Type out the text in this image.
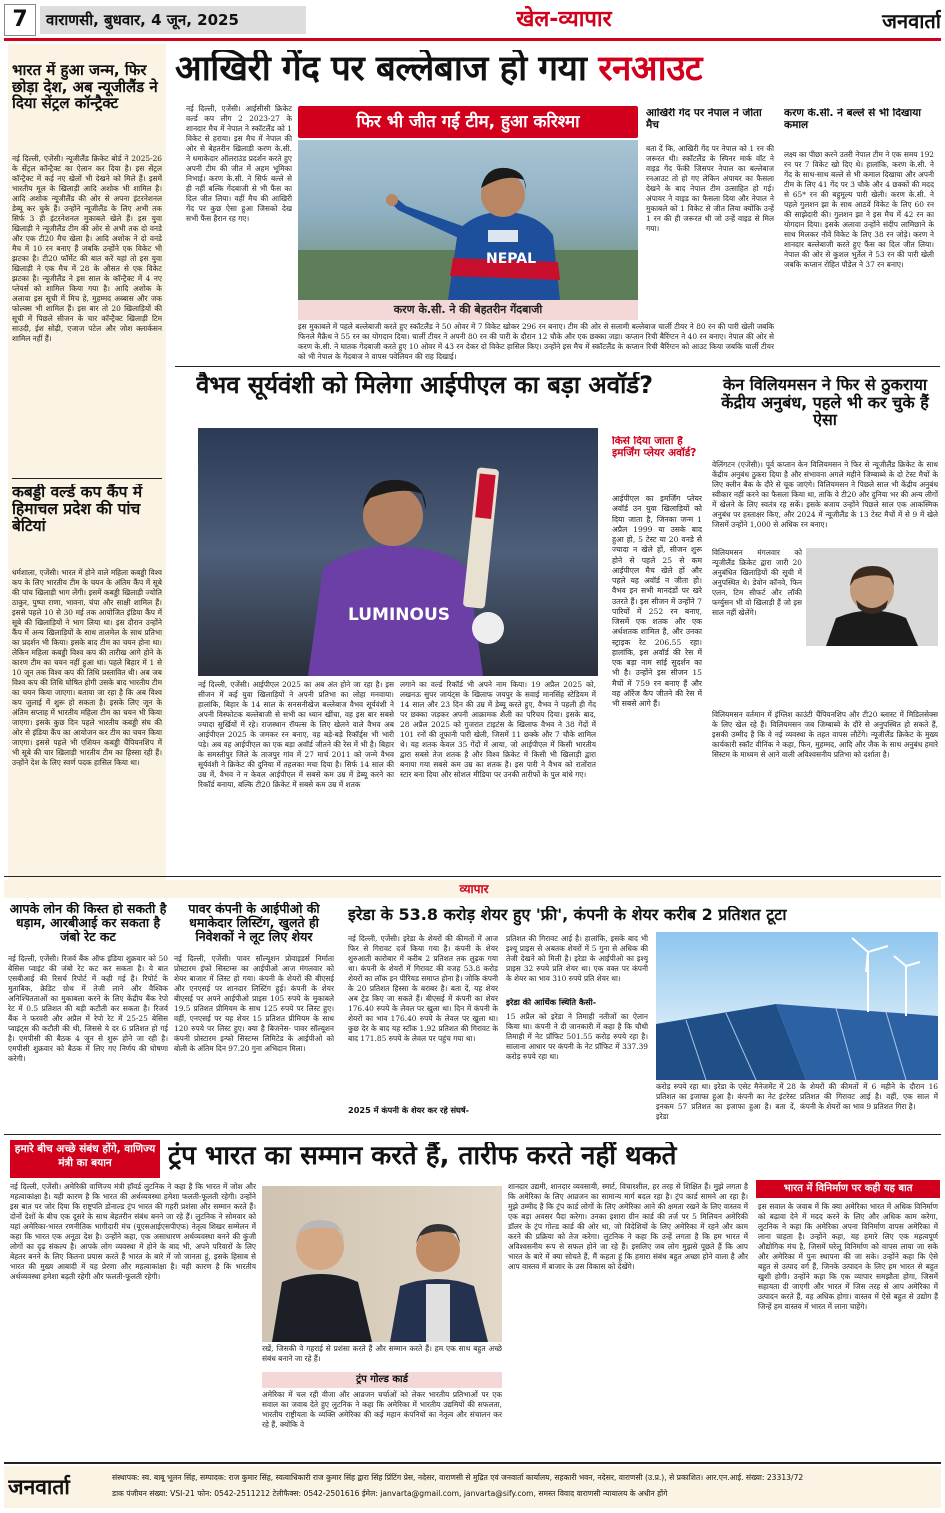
7	वाराणसी, बुधवार, 4 जून, 2025	खेल-व्यापार	जनवार्ता
भारत में हुआ जन्म, फिर छोड़ा देश, अब न्यूजीलैंड ने दिया सेंट्रल कॉन्ट्रैक्ट
नई दिल्ली, एजेंसी। न्यूजीलैंड क्रिकेट बोर्ड ने 2025-26 के सेंट्रल कॉन्ट्रैक्ट का ऐलान कर दिया है। इस सेंट्रल कॉन्ट्रैक्ट में कई नए खेलों भी देखने को मिले हैं। इसमें भारतीय मूल के खिलाड़ी आदि अशोक भी शामिल है। आदि अशोक न्यूजीलैंड की ओर से अपना इंटरनेशनल डेब्यू कर चुके हैं। उन्होंने न्यूजीलैंड के लिए अभी तक सिर्फ 3 ही इंटरनेशनल मुकाबले खेले हैं। इस युवा खिलाड़ी ने न्यूजीलैंड टीम की ओर से अभी तक दो वनडे और एक टी20 मैच खेला है। आदि अशोक ने दो वनडे मैच में 10 रन बनाए हैं जबकि उन्होंने एक विकेट भी झटका है। टी20 फॉर्मेट की बात करें यहां तो इस युवा खिलाड़ी ने एक मैच में 28 के औसत से एक विकेट झटका है। न्यूजीलैंड ने इस साल के कॉन्ट्रैक्ट में 4 नए प्लेयर्स को शामिल किया गया है। आदि अशोक के अलावा इस सूची में मिच हे, मुहम्मद अब्बास और जक फोल्क्स भी शामिल हैं। इस बार तो 20 खिलाड़ियों की सूची में पिछले सीजन के चार कॉन्ट्रैक्ट खिलाड़ी टिम साउदी, ईश सोढ़ी, एजाज पटेल और जोश क्लार्कसन शामिल नहीं हैं।
कबड्डी वर्ल्ड कप कैंप में हिमाचल प्रदेश की पांच बेटियां
धर्मशाला, एजेंसी। भारत में होने वाले महिला कबड्डी विश्व कप के लिए भारतीय टीम के चयन के अंतिम कैंप में सूबे की पांच खिलाड़ी भाग लेंगी। इसमें कबड्डी खिलाड़ी ज्योति ठाकुर, पुष्पा राणा, भावना, चंपा और साक्षी शामिल हैं। इससे पहले 10 से 30 मई तक आयोजित इंडिया कैंप में सूबे की खिलाड़ियों ने भाग लिया था। इस दौरान उन्होंने कैंप में अन्य खिलाड़ियों के साथ तालमेल के साथ प्रतिभा का प्रदर्शन भी किया। इसके बाद टीम का चयन होना था। लेकिन महिला कबड्डी विश्व कप की तारीख आगे होने के कारण टीम का चयन नहीं हुआ था। पहले बिहार में 1 से 10 जून तक विश्व कप की तिथि प्रस्तावित थी। अब जब विश्व कप की तिथि घोषित होगी उसके बाद भारतीय टीम का चयन किया जाएगा। बताया जा रहा है कि अब विश्व कप जुलाई में शुरू हो सकता है। इसके लिए जून के अंतिम सप्ताह में भारतीय महिला टीम का चयन भी किया जाएगा। इसके कुछ दिन पहले भारतीय कबड्डी संघ की ओर से इंडिया कैंप का आयोजन कर टीम का चयन किया जाएगा। इससे पहले भी एशियन कबड्डी चैंपियनशिप में भी सूबे की चार खिलाड़ी भारतीय टीम का हिस्सा रही हैं। उन्होंने देश के लिए स्वर्ण पदक हासिल किया था।
आखिरी गेंद पर बल्लेबाज हो गया रनआउट
नई दिल्ली, एजेंसी। आईसीसी क्रिकेट वर्ल्ड कप लीग 2 2023-27 के शानदार मैच में नेपाल ने स्कॉटलैंड को 1 विकेट से हराया। इस मैच में नेपाल की ओर से बेहतरीन खिलाड़ी करण के.सी. ने धमाकेदार ऑलराउंड प्रदर्शन करते हुए अपनी टीम की जीत में अहम भूमिका निभाई। करण के.सी. ने सिर्फ बल्ले से ही नहीं बल्कि गेंदबाजी से भी फैंस का दिल जीत लिया। वहीं मैच की आखिरी गेंद पर कुछ ऐसा हुआ जिसको देख सभी फैंस हैरान रह गए।
फिर भी जीत गई टीम, हुआ करिश्मा
NEPAL
करण के.सी. ने की बेहतरीन गेंदबाजी
आखिरी गेंद पर नेपाल ने जीता मैच
बता दें कि, आखिरी गेंद पर नेपाल को 1 रन की जरूरत थी। स्कॉटलैंड के स्पिनर मार्क वॉट ने वाइड गेंद फेंकी जिसपर नेपाल का बल्लेबाज रनआउट तो हो गए लेकिन अंपायर का फैसला देखने के बाद नेपाल टीम उत्साहित हो गई। अंपायर ने वाइड का फैसला दिया और नेपाल ने मुकाबले को 1 विकेट से जीत लिया क्योंकि उन्हें 1 रन की ही जरूरत थी जो उन्हें वाइड से मिल गया।
करण के.सी. ने बल्ले से भी दिखाया कमाल
लक्ष्य का पीछा करने उतरी नेपाल टीम ने एक समय 192 रन पर 7 विकेट खो दिए थे। हालांकि, करण के.सी. ने गेंद के साथ-साथ बल्ले से भी कमाल दिखाया और अपनी टीम के लिए 41 गेंद पर 3 चौके और 4 छक्कों की मदद से 65* रन की बहुमूल्य पारी खेली। करण के.सी. ने पहले गुलशन झा के साथ आठवें विकेट के लिए 60 रन की साझेदारी की। गुलशन झा ने इस मैच में 42 रन का योगदान दिया। इसके अलावा उन्होंने संदीप लामिछाने के साथ मिलकर नौवें विकेट के लिए 38 रन जोड़े। करण ने शानदार बल्लेबाजी करते हुए फैंस का दिल जीत लिया। नेपाल की ओर से कुशल भुर्तेल ने 53 रन की पारी खेली जबकि कप्तान रोहित पौडेल ने 37 रन बनाए।
इस मुकाबले में पहले बल्लेबाजी करते हुए स्कॉटलैंड ने 50 ओवर में 7 विकेट खोकर 296 रन बनाए। टीम की ओर से सलामी बल्लेबाज चार्ली टीयर ने 80 रन की पारी खेली जबकि फिनले मैक्रैथ ने 55 रन का योगदान दिया। चार्ली टीयर ने अपनी 80 रन की पारी के दौरान 12 चौके और एक छक्का जड़ा। कप्तान रिची बैरिंग्टन ने 40 रन बनाए। नेपाल की ओर से करण के.सी. ने घातक गेंदबाजी करते हुए 10 ओवर में 43 रन देकर दो विकेट हासिल किए। उन्होंने इस मैच में स्कॉटलैंड के कप्तान रिची बैरिंग्टन को आउट किया जबकि चार्ली टीयर को भी नेपाल के गेंदबाज ने वापस पवेलियन की राह दिखाई।
वैभव सूर्यवंशी को मिलेगा आईपीएल का बड़ा अवॉर्ड?
LUMINOUS
नई दिल्ली, एजेंसी। आईपीएल 2025 का अब अंत होने जा रहा है। इस सीजन में कई युवा खिलाड़ियों ने अपनी प्रतिभा का लोहा मनवाया। हालांकि, बिहार के 14 साल के सनसनीखेज बल्लेबाज वैभव सूर्यवंशी ने अपनी विस्फोटक बल्लेबाजी से सभी का ध्यान खींचा, वह इस बार सबसे ज्यादा सुर्खियों में रहे। राजस्थान रॉयल्स के लिए खेलने वाले वैभव अब आईपीएल 2025 के जमकर रन बनाए, वह बड़े-बड़े रिकॉर्ड्स भी भारी पड़े। अब वह आईपीएल का एक बड़ा अवॉर्ड जीतने की रेस में भी है। बिहार के समस्तीपुर जिले के ताजपुर गांव में 27 मार्च 2011 को जन्मे वैभव सूर्यवंशी ने क्रिकेट की दुनिया में तहलका मचा दिया है। सिर्फ 14 साल की उम्र में, वैभव ने न केवल आईपीएल में सबसे कम उम्र में डेब्यू करने का रिकॉर्ड बनाया, बल्कि टी20 क्रिकेट में सबसे कम उम्र में शतक
लगाने का वर्ल्ड रिकॉर्ड भी अपने नाम किया। 19 अप्रैल 2025 को, लखनऊ सुपर जायंट्स के खिलाफ जयपुर के सवाई मानसिंह स्टेडियम में 14 साल और 23 दिन की उम्र में डेब्यू करते हुए, वैभव ने पहली ही गेंद पर छक्का जड़कर अपनी आक्रामक शैली का परिचय दिया। इसके बाद, 28 अप्रैल 2025 को गुजरात टाइटंस के खिलाफ वैभव ने 38 गेंदों में 101 रनों की तूफानी पारी खेली, जिसमें 11 छक्के और 7 चौके शामिल थे। यह शतक केवल 35 गेंदों में आया, जो आईपीएल में किसी भारतीय द्वारा सबसे तेज शतक है और विश्व क्रिकेट में किसी भी खिलाड़ी द्वारा बनाया गया सबसे कम उम्र का शतक है। इस पारी ने वैभव को रातोंरात स्टार बना दिया और सोशल मीडिया पर उनकी तारीफों के पुल बांधे गए।
किसे दिया जाता है इमर्जिंग प्लेयर अवॉर्ड?
आईपीएल का इमर्जिंग प्लेयर अवॉर्ड उन युवा खिलाड़ियों को दिया जाता है, जिनका जन्म 1 अप्रैल 1999 या उसके बाद हुआ हो, 5 टेस्ट या 20 वनडे से ज्यादा न खेले हों, सीजन शुरू होने से पहले 25 से कम आईपीएल मैच खेले हों और पहले यह अवॉर्ड न जीता हो। वैभव इन सभी मानदंडों पर खरे उतरते हैं। इस सीजन में उन्होंने 7 पारियों में 252 रन बनाए, जिसमें एक शतक और एक अर्धशतक शामिल है, और उनका स्ट्राइक रेट 206.55 रहा। हालांकि, इस अवॉर्ड की रेस में एक बड़ा नाम सांई सुदर्शन का भी है। उन्होंने इस सीजन 15 मैचों में 759 रन बनाए हैं और वह ऑरेंज कैप जीतने की रेस में भी सबसे आगे हैं।
केन विलियमसन ने फिर से ठुकराया केंद्रीय अनुबंध, पहले भी कर चुके हैं ऐसा
वेलिंगटन (एजेंसी)। पूर्व कप्तान केन विलियमसन ने फिर से न्यूजीलैंड क्रिकेट के साथ केंद्रीय अनुबंध ठुकरा दिया है और संभावना अगले महीने जिम्बाब्वे के दो टेस्ट मैचों के लिए क्लीन बैक के दौरे से चूक जाएंगे। विलियमसन ने पिछले साल भी केंद्रीय अनुबंध स्वीकार नहीं करने का फैसला किया था, ताकि वे टी20 और दुनिया भर की अन्य लीगों में खेलने के लिए स्वतंत्र रह सकें। इसके बजाय उन्होंने पिछले साल एक आकस्मिक अनुबंध पर हस्ताक्षर किए, और 2024 में न्यूजीलैंड के 13 टेस्ट मैचों में से 9 में खेले जिसमें उन्होंने 1,000 से अधिक रन बनाए।
विलियमसन मंगलवार को न्यूजीलैंड क्रिकेट द्वारा जारी 20 अनुबंधित खिलाड़ियों की सूची में अनुपस्थित थे। डेवोन कॉनवे, फिन एलन, टिम सीफर्ट और लॉकी फर्ग्युसन भी वो खिलाड़ी हैं जो इस साल नहीं खेलेंगे।
विलियमसन वर्तमान में इंग्लिश काउंटी चैंपियनशिप और टी20 ब्लास्ट में मिडिलसेक्स के लिए खेल रहे हैं। विलियमसन जब जिम्बाब्वे के दौरे से अनुपस्थित हो सकते हैं, इसकी उम्मीद है कि वे नई व्यवस्था के तहत वापस लौटेंगे। न्यूजीलैंड क्रिकेट के मुख्य कार्यकारी स्कॉट वीनिंक ने कहा, फिन, मुहम्मद, आदि और जैक के साथ अनुबंध हमारे सिस्टम के माध्यम से आने वाली अविश्वसनीय प्रतिभा को दर्शाता है।
व्यापार
आपके लोन की किस्त हो सकती है धड़ाम, आरबीआई कर सकता है जंबो रेट कट
नई दिल्ली, एजेंसी। रिजर्व बैंक ऑफ इंडिया शुक्रवार को 50 बेसिस प्वाइंट की जंबो रेट कट कर सकता है। ये बात एसबीआई की रिसर्च रिपोर्ट में कही गई है। रिपोर्ट के मुताबिक, क्रेडिट ग्रोथ में तेजी लाने और वैश्विक अनिश्चितताओं का मुकाबला करने के लिए केंद्रीय बैंक रेपो रेट में 0.5 प्रतिशत की बड़ी कटौती कर सकता है। रिजर्व बैंक ने फरवरी और अप्रैल में रेपो रेट में 25-25 बेसिस प्वाइंट्स की कटौती की थी, जिससे ये दर 6 प्रतिशत हो गई है। एमपीसी की बैठक 4 जून से शुरू होने जा रही है। एमपीसी शुक्रवार को बैठक में लिए गए निर्णय की घोषणा करेगी।
पावर कंपनी के आईपीओ की धमाकेदार लिस्टिंग, खुलते ही निवेशकों ने लूट लिए शेयर
नई दिल्ली, एजेंसी। पावर सॉल्यूशन प्रोवाइडर्स निर्माता प्रोस्टारम इंफो सिस्टम्स का आईपीओ आज मंगलवार को शेयर बाजार में लिस्ट हो गया। कंपनी के शेयरों की बीएसई और एनएसई पर शानदार लिस्टिंग हुई। कंपनी के शेयर बीएसई पर अपने आईपीओ प्राइस 105 रुपये के मुकाबले 19.5 प्रतिशत प्रीमियम के साथ 125 रुपये पर लिस्ट हुए। वहीं, एनएसई पर यह शेयर 15 प्रतिशत प्रीमियम के साथ 120 रुपये पर लिस्ट हुए। क्या है बिजनेस- पावर सॉल्यूशन कंपनी प्रोस्टारम इन्फो सिस्टम्स लिमिटेड के आईपीओ को बोली के अंतिम दिन 97.20 गुना अभिदान मिला।
इरेडा के 53.8 करोड़ शेयर हुए 'फ्री', कंपनी के शेयर करीब 2 प्रतिशत टूटा
नई दिल्ली, एजेंसी। इरेडा के शेयरों की कीमतों में आज फिर से गिरावट दर्ज किया गया है। कंपनी के शेयर शुरुआती कारोबार में करीब 2 प्रतिशत तक लुढ़क गया था। कंपनी के शेयरों में गिरावट की वजह 53.8 करोड़ शेयरों का लॉक इन पीरियड समाप्त होना है। जोकि कंपनी के 20 प्रतिशत हिस्सा के बराबर है। बता दें, यह शेयर अब ट्रेड किए जा सकते हैं। बीएसई में कंपनी का शेयर 176.40 रुपये के लेवल पर खुला था। दिन में कंपनी के शेयरों का भाव 176.40 रुपये के लेवल पर खुला था। कुछ देर के बाद यह स्टॉक 1.92 प्रतिशत की गिरावट के बाद 171.85 रुपये के लेवल पर पहुंच गया था।
2025 में कंपनी के शेयर कर रहे संघर्ष-
प्रतिशत की गिरावट आई है। हालांकि, इसके बाद भी इश्यू प्राइस से अबतक शेयरों में 5 गुना से अधिक की तेजी देखने को मिली है। इरेडा के आईपीओ का इश्यू प्राइस 32 रुपये प्रति शेयर था। एक वक्त पर कंपनी के शेयर का भाव 310 रुपये प्रति शेयर था।
इरेडा की आर्थिक स्थिति कैसी-
15 अप्रैल को इरेडा ने तिमाही नतीजों का ऐलान किया था। कंपनी ने दी जानकारी में कहा है कि चौथी तिमाही में नेट प्रॉफिट 501.55 करोड़ रुपये रहा है। सालाना आधार पर कंपनी के नेट प्रॉफिट में 337.39 करोड़ रुपये रहा था।
करोड़ रुपये रहा था। इरेडा के एसेट मैनेजमेंट में 28 प्रतिशत का इजाफा हुआ है। कंपनी का नेट इंटरेस्ट इनकम 57 प्रतिशत का इजाफा हुआ है। बता दें, इरेडा
के शेयरों की कीमतों में 6 महीने के दौरान 16 प्रतिशत की गिरावट आई है। वहीं, एक साल में कंपनी के शेयरों का भाव 9 प्रतिशत गिरा है।
हमारे बीच अच्छे संबंध होंगे, वाणिज्य मंत्री का बयान	ट्रंप भारत का सम्मान करते हैं, तारीफ करते नहीं थकते
नई दिल्ली, एजेंसी। अमेरिकी वाणिज्य मंत्री हॉवर्ड लुटनिक ने कहा है कि भारत में जोश और महत्वाकांक्षा है। यही कारण है कि भारत की अर्थव्यवस्था हमेशा फलती-फूलती रहेगी। उन्होंने इस बात पर जोर दिया कि राष्ट्रपति डोनाल्ड ट्रंप भारत की गहरी प्रशंसा और सम्मान करते हैं। दोनों देशों के बीच एक दूसरे के साथ बेहतरीन संबंध बनने जा रहे हैं। लुटनिक ने सोमवार को यहां अमेरिका-भारत रणनीतिक भागीदारी मंच (यूएसआईएसपीएफ) नेतृत्व शिखर सम्मेलन में कहा कि भारत एक अनूठा देश है। उन्होंने कहा, एक असाधारण अर्थव्यवस्था बनने की कुंजी लोगों का दृढ़ संकल्प है। आपके लोग व्यवस्था में होने के बाद भी, अपने परिवारों के लिए बेहतर बनने के लिए कितना प्रयास करते हैं भारत के बारे में जो जानता हूं, इसके हिसाब से भारत की मुख्य आबादी में यह प्रेरणा और महत्वाकांक्षा है। यही कारण है कि भारतीय अर्थव्यवस्था हमेशा बढ़ती रहेगी और फलती-फूलती रहेगी।
रखें, जिसकी वे गहराई से प्रशंसा करते हैं और सम्मान करते हैं। हम एक साथ बहुत अच्छे संबंध बनाने जा रहे हैं।
ट्रंप गोल्ड कार्ड
अमेरिका में चल रही वीजा और आव्रजन चर्चाओं को लेकर भारतीय प्रतिभाओं पर एक सवाल का जवाब देते हुए लुटनिक ने कहा कि अमेरिका में भारतीय उद्यमियों की सफलता, भारतीय राष्ट्रीयता के व्यक्ति अमेरिका की कई महान कंपनियों का नेतृत्व और संचालन कर रहे हैं, क्योंकि वे
शानदार उद्यमी, शानदार व्यवसायी, स्मार्ट, विचारशील, हर तरह से शिक्षित हैं। मुझे लगता है कि अमेरिका के लिए आव्रजन का सामान्य मार्ग बदल रहा है। ट्रंप कार्ड सामने आ रहा है। मुझे उम्मीद है कि ट्रंप कार्ड लोगों के लिए अमेरिका आने की क्षमता रखने के लिए वास्तव में एक बड़ा अवसर पैदा करेगा। उनका इशारा ग्रीन कार्ड की तर्ज पर 5 मिलियन अमेरिकी डॉलर के ट्रंप गोल्ड कार्ड की ओर था, जो विदेशियों के लिए अमेरिका में रहने और काम करने की प्रक्रिया को तेज करेगा। लुटनिक ने कहा कि उन्हें लगता है कि हम भारत में अविश्वसनीय रूप से सफल होने जा रहे हैं। इसलिए जब लोग मुझसे पूछते हैं कि आप भारत के बारे में क्या सोचते हैं, मैं कहता हूं कि हमारा संबंध बहुत अच्छा होने वाला है और आप वास्तव में बाजार के उस विकास को देखेंगे।
भारत में विनिर्माण पर कही यह बात
इस सवाल के जवाब में कि क्या अमेरिका भारत में अधिक विनिर्माण को बढ़ावा देने में मदद करने के लिए और अधिक काम करेगा, लुटनिक ने कहा कि अमेरिका अपना विनिर्माण वापस अमेरिका में लाना चाहता है। उन्होंने कहा, यह हमारे लिए एक महत्वपूर्ण औद्योगिक मंच है, जिसमें घरेलू विनिर्माण को वापस लाया जा सके और अमेरिका में पुनः स्थापना की जा सके। उन्होंने कहा कि ऐसे बहुत से उत्पाद वर्ग हैं, जिनके उत्पादन के लिए हम भारत से बहुत खुशी होगी। उन्होंने कहा कि एक व्यापार समझौता होगा, जिसमें सहायता दी जाएगी और भारत में जिस तरह से आप अमेरिका में उत्पादन करते हैं, वह अधिक होगा। वास्तव में ऐसे बहुत से उद्योग हैं जिन्हें हम वास्तव में भारत में लाना चाहेंगे।
जनवार्ता	संस्थापक: स्व. बाबू भूलन सिंह, सम्पादक: राज कुमार सिंह, स्वत्वाधिकारी राज कुमार सिंह द्वारा सिंह प्रिंटिंग प्रेस, नदेसर, वाराणसी से मुद्रित एवं जनवार्ता कार्यालय, सहकारी भवन, नदेसर, वाराणसी (उ.प्र.), से प्रकाशित। आर.एन.आई. संख्या: 23313/72
डाक पंजीयन संख्या: VSI-21 फोन: 0542-2511212 टेलीफैक्स: 0542-2501616 ईमेल: janvarta@gmail.com, janvarta@sify.com, समस्त विवाद वाराणसी न्यायालय के अधीन होंगे
